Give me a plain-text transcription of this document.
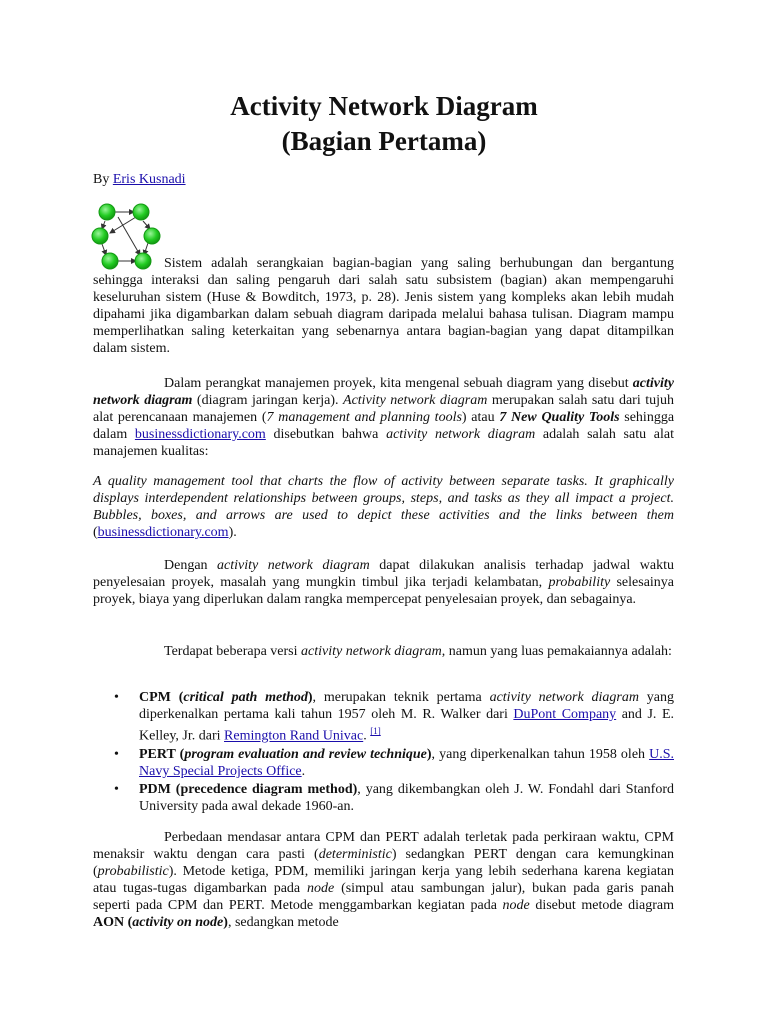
Activity Network Diagram
(Bagian Pertama)
By Eris Kusnadi

Sistem adalah serangkaian bagian-bagian yang saling berhubungan dan bergantung sehingga interaksi dan saling pengaruh dari salah satu subsistem (bagian) akan mempengaruhi keseluruhan sistem (Huse & Bowditch, 1973, p. 28). Jenis sistem yang kompleks akan lebih mudah dipahami jika digambarkan dalam sebuah diagram daripada melalui bahasa tulisan. Diagram mampu memperlihatkan saling keterkaitan yang sebenarnya antara bagian-bagian yang dapat ditampilkan dalam sistem.

Dalam perangkat manajemen proyek, kita mengenal sebuah diagram yang disebut activity network diagram (diagram jaringan kerja). Activity network diagram merupakan salah satu dari tujuh alat perencanaan manajemen (7 management and planning tools) atau 7 New Quality Tools sehingga dalam businessdictionary.com disebutkan bahwa activity network diagram adalah salah satu alat manajemen kualitas:

A quality management tool that charts the flow of activity between separate tasks. It graphically displays interdependent relationships between groups, steps, and tasks as they all impact a project. Bubbles, boxes, and arrows are used to depict these activities and the links between them (businessdictionary.com).

Dengan activity network diagram dapat dilakukan analisis terhadap jadwal waktu penyelesaian proyek, masalah yang mungkin timbul jika terjadi kelambatan, probability selesainya proyek, biaya yang diperlukan dalam rangka mempercepat penyelesaian proyek, dan sebagainya.

Terdapat beberapa versi activity network diagram, namun yang luas pemakaiannya adalah:

• CPM (critical path method), merupakan teknik pertama activity network diagram yang diperkenalkan pertama kali tahun 1957 oleh M. R. Walker dari DuPont Company and J. E. Kelley, Jr. dari Remington Rand Univac. [1]
• PERT (program evaluation and review technique), yang diperkenalkan tahun 1958 oleh U.S. Navy Special Projects Office.
• PDM (precedence diagram method), yang dikembangkan oleh J. W. Fondahl dari Stanford University pada awal dekade 1960-an.

Perbedaan mendasar antara CPM dan PERT adalah terletak pada perkiraan waktu, CPM menaksir waktu dengan cara pasti (deterministic) sedangkan PERT dengan cara kemungkinan (probabilistic). Metode ketiga, PDM, memiliki jaringan kerja yang lebih sederhana karena kegiatan atau tugas-tugas digambarkan pada node (simpul atau sambungan jalur), bukan pada garis panah seperti pada CPM dan PERT. Metode menggambarkan kegiatan pada node disebut metode diagram AON (activity on node), sedangkan metode
